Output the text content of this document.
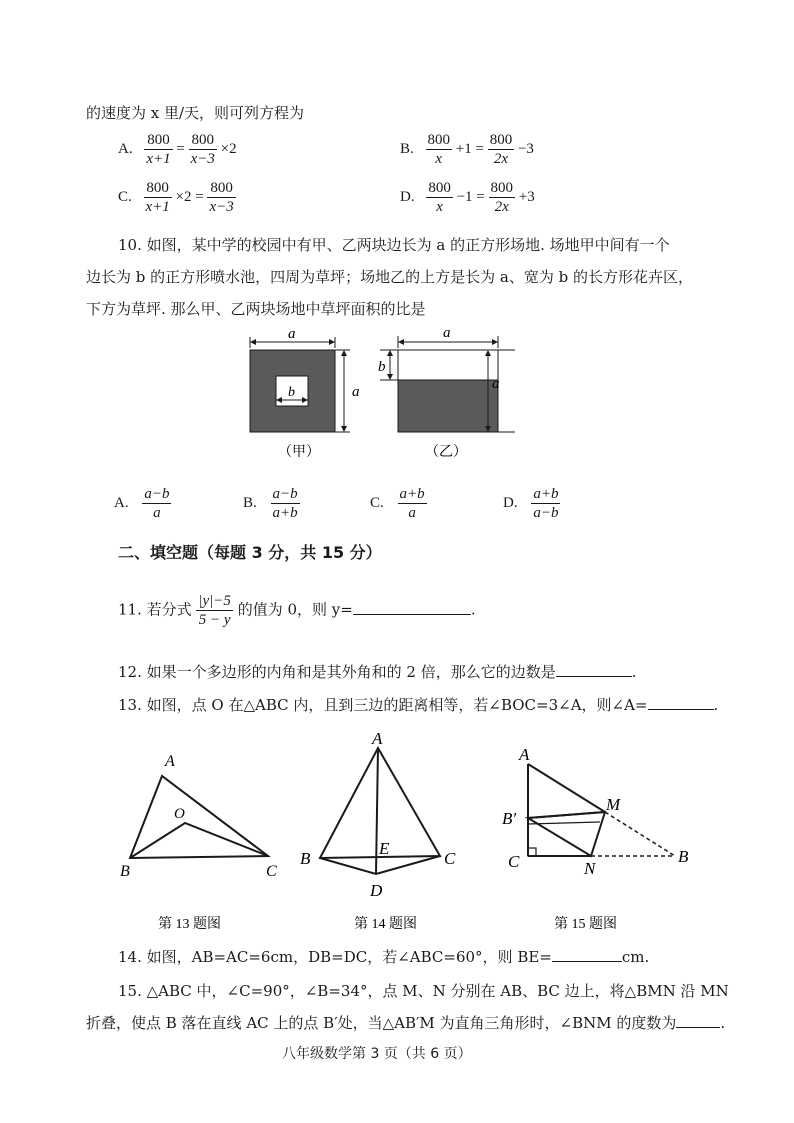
的速度为 x 里/天，则可列方程为
A. $\frac{800}{x+1} = \frac{800}{x-3} \times 2$	B. $\frac{800}{x} +1 = \frac{800}{2x} -3$
C. $\frac{800}{x+1} \times 2 = \frac{800}{x-3}$	D. $\frac{800}{x} -1 = \frac{800}{2x} +3$
10. 如图，某中学的校园中有甲、乙两块边长为 a 的正方形场地. 场地甲中间有一个
边长为 b 的正方形喷水池，四周为草坪；场地乙的上方是长为 a、宽为 b 的长方形花卉区，
下方为草坪. 那么甲、乙两块场地中草坪面积的比是
a
a
b
（甲）
a
b
a
（乙）
A. $\frac{a-b}{a}$	B. $\frac{a-b}{a+b}$	C. $\frac{a+b}{a}$	D. $\frac{a+b}{a-b}$
二、填空题（每题 3 分，共 15 分）
11. 若分式 $\frac{|y|-5}{5 - y}$ 的值为 0，则 y=	.
12. 如果一个多边形的内角和是其外角和的 2 倍，那么它的边数是	.
13. 如图，点 O 在△ABC 内，且到三边的距离相等，若∠BOC=3∠A，则∠A=	.
A
O
B	C
第 13 题图
A
B	C
E
D
第 14 题图
A
B′
C
M
N
B
第 15 题图
14. 如图，AB=AC=6cm，DB=DC，若∠ABC=60°，则 BE=	cm.
15. △ABC 中，∠C=90°，∠B=34°，点 M、N 分别在 AB、BC 边上，将△BMN 沿 MN
折叠，使点 B 落在直线 AC 上的点 B′处，当△AB′M 为直角三角形时，∠BNM 的度数为	.
八年级数学第 3 页（共 6 页）
